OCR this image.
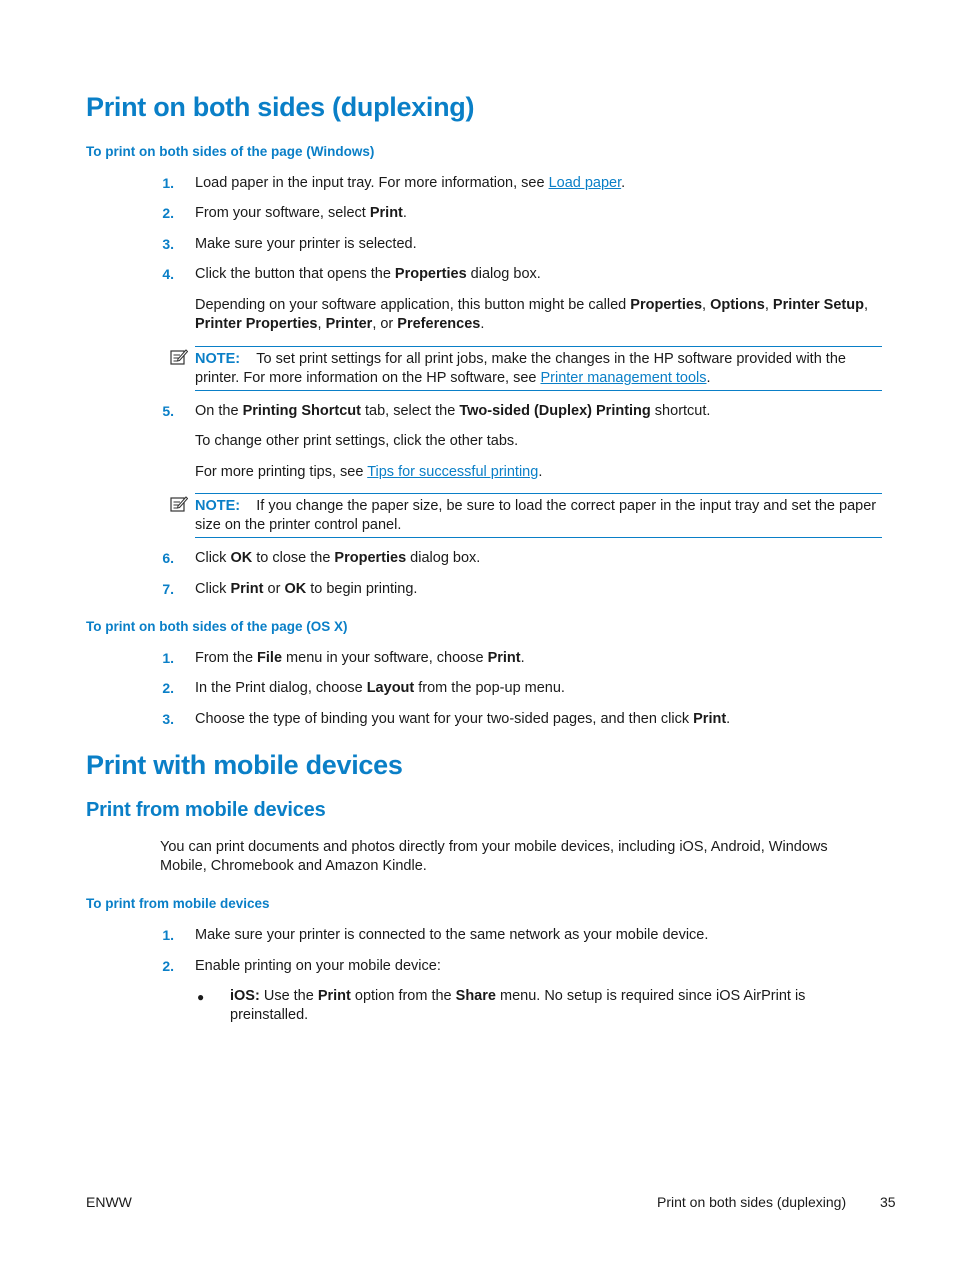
Print on both sides (duplexing)
To print on both sides of the page (Windows)
1. Load paper in the input tray. For more information, see Load paper.
2. From your software, select Print.
3. Make sure your printer is selected.
4. Click the button that opens the Properties dialog box.
Depending on your software application, this button might be called Properties, Options, Printer Setup,
Printer Properties, Printer, or Preferences.
NOTE: To set print settings for all print jobs, make the changes in the HP software provided with the printer. For more information on the HP software, see Printer management tools.
5. On the Printing Shortcut tab, select the Two-sided (Duplex) Printing shortcut.
To change other print settings, click the other tabs.
For more printing tips, see Tips for successful printing.
NOTE: If you change the paper size, be sure to load the correct paper in the input tray and set the paper size on the printer control panel.
6. Click OK to close the Properties dialog box.
7. Click Print or OK to begin printing.
To print on both sides of the page (OS X)
1. From the File menu in your software, choose Print.
2. In the Print dialog, choose Layout from the pop-up menu.
3. Choose the type of binding you want for your two-sided pages, and then click Print.
Print with mobile devices
Print from mobile devices
You can print documents and photos directly from your mobile devices, including iOS, Android, Windows Mobile, Chromebook and Amazon Kindle.
To print from mobile devices
1. Make sure your printer is connected to the same network as your mobile device.
2. Enable printing on your mobile device:
● iOS: Use the Print option from the Share menu. No setup is required since iOS AirPrint is preinstalled.
ENWW	Print on both sides (duplexing) 35
